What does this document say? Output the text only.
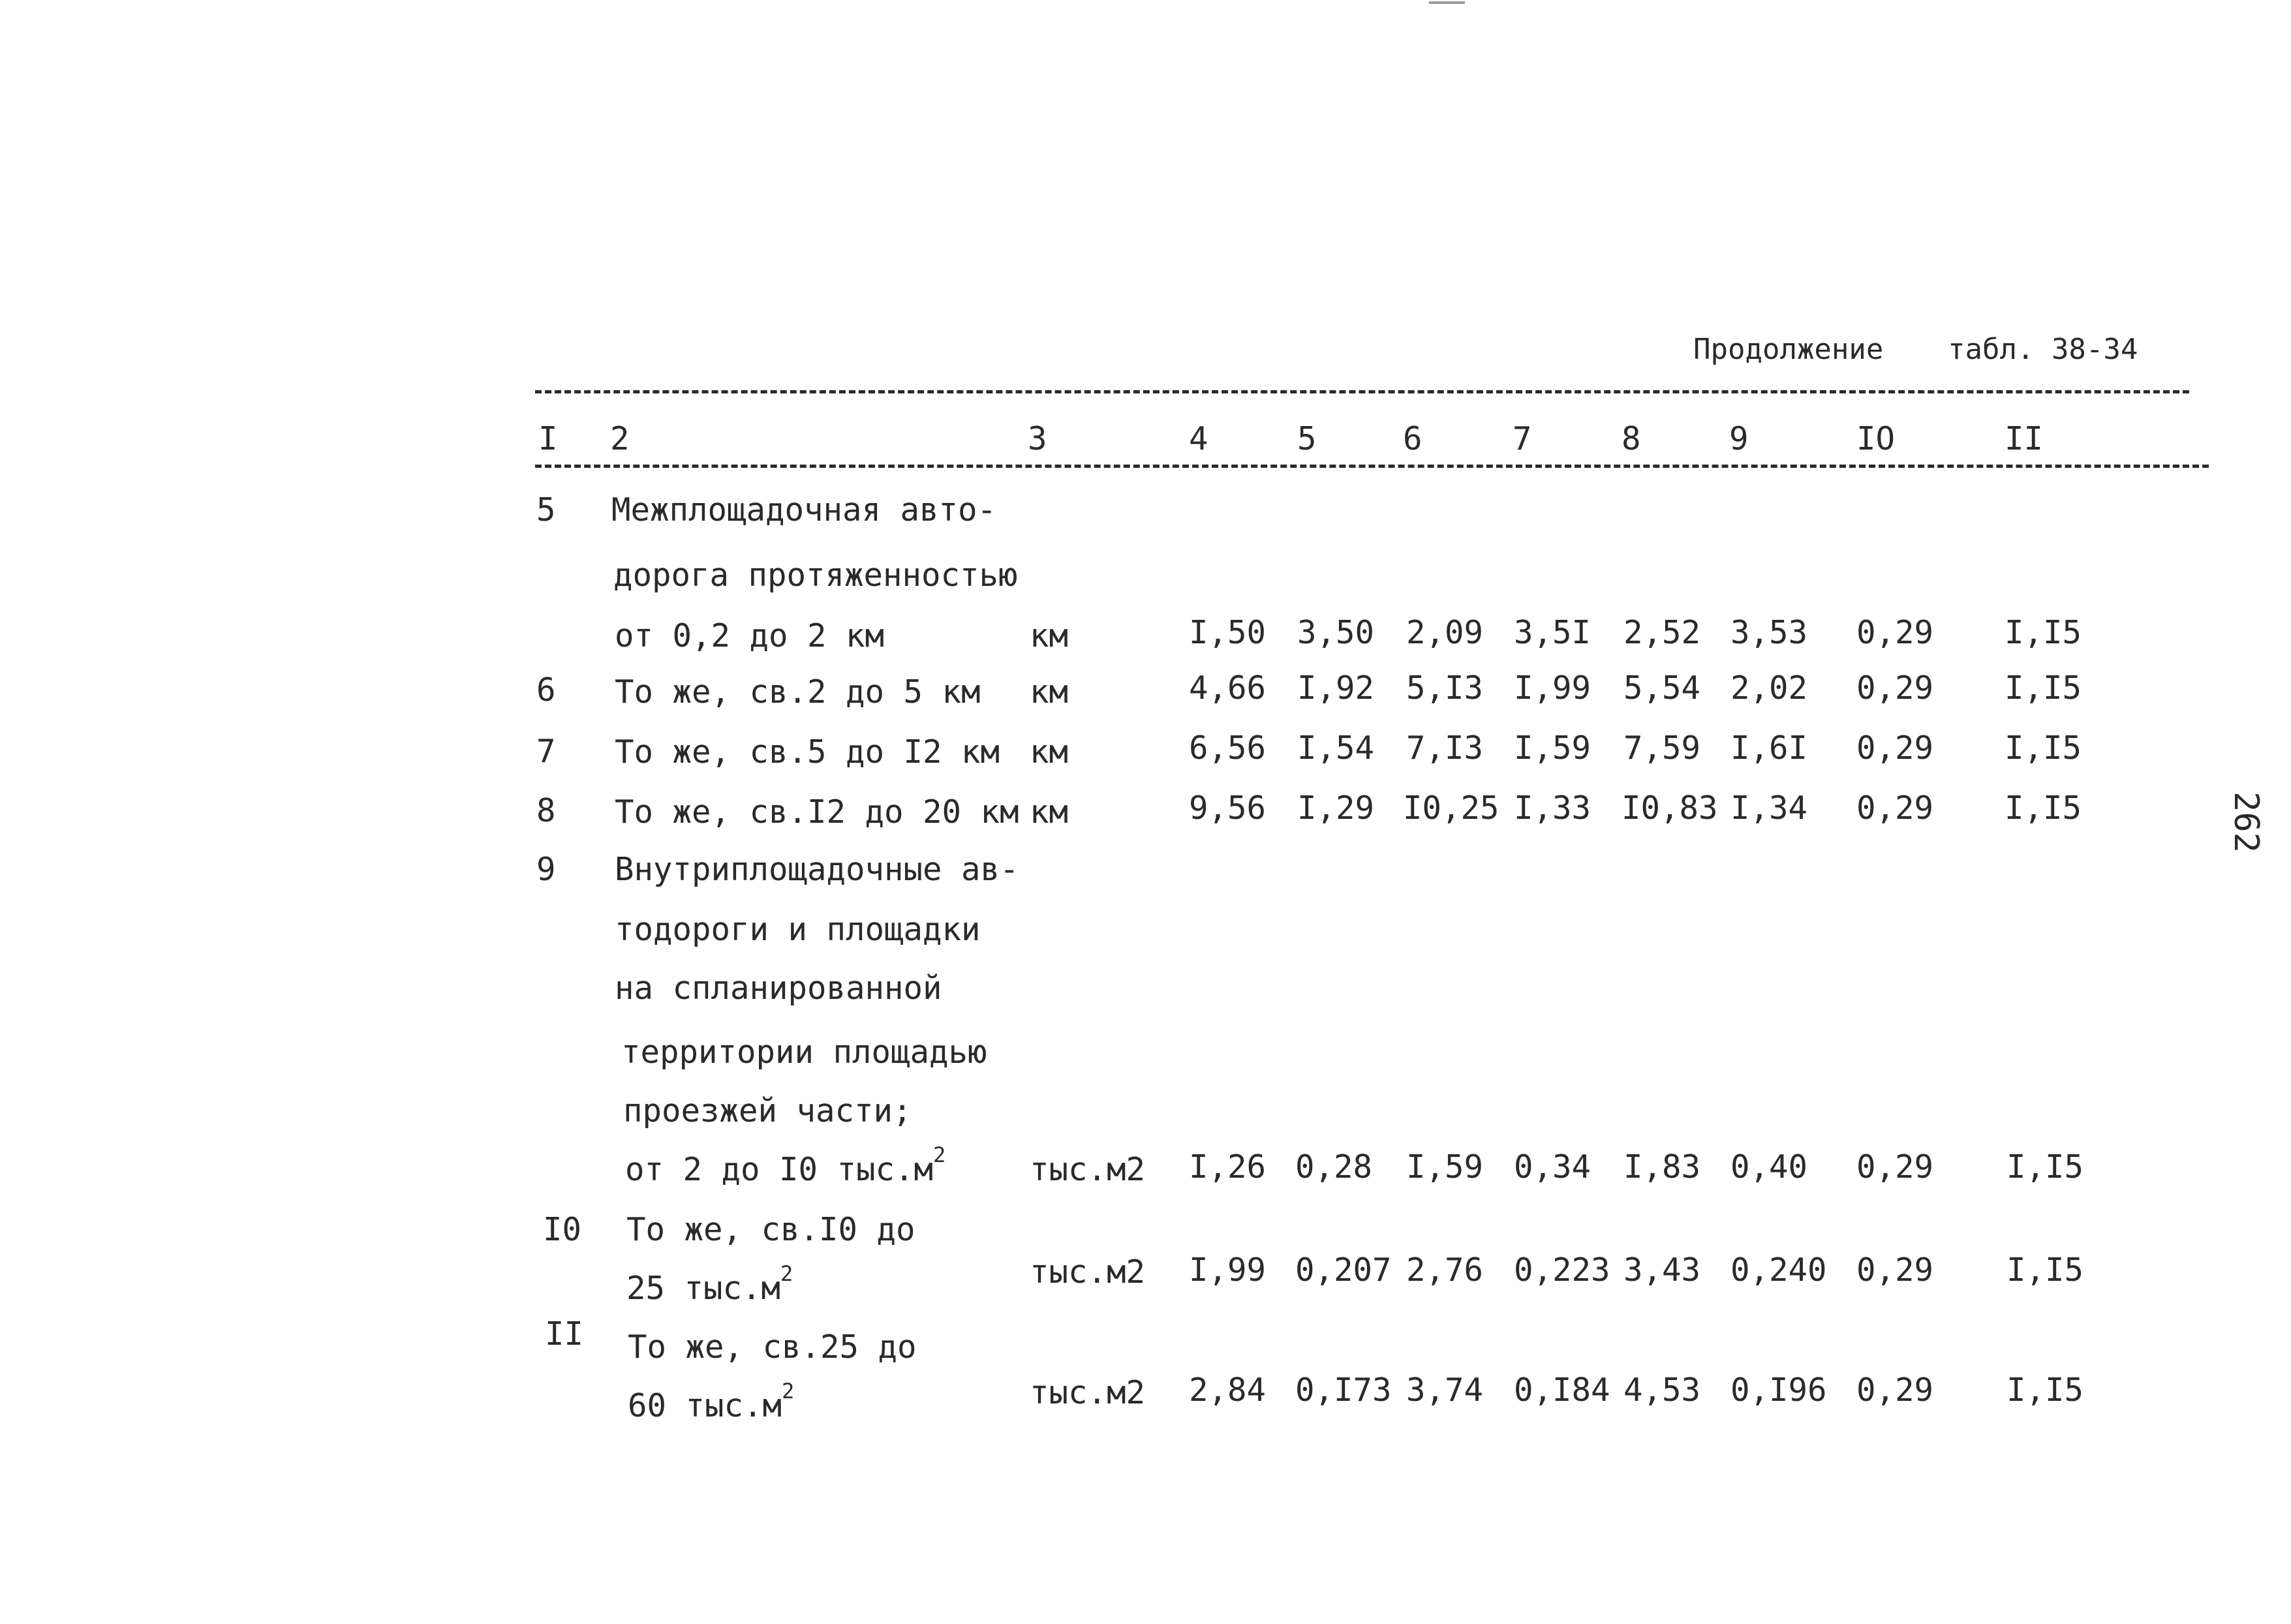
Продолжение табл. 38-34
I 2	3	4	5	6	7	8	9	IO	II
5 Межплощадочная авто-
дорога протяженностью
от 0,2 до 2 км	км	I,50 3,50 2,09 3,5I 2,52 3,53 0,29 I,I5
6 То же, св.2 до 5 км км	4,66 I,92 5,I3 I,99 5,54 2,02 0,29 I,I5
7 То же, св.5 до I2 км км	6,56 I,54 7,I3 I,59 7,59 I,6I 0,29 I,I5
8 То же, св.I2 до 20 км км	9,56 I,29 I0,25 I,33 I0,83 I,34 0,29 I,I5
9 Внутриплощадочные ав-
тодороги и площадки
на спланированной
территории площадью
проезжей части;
от 2 до I0 $тыс.м^2$	тыс.м2 I,26 0,28 I,59 0,34 I,83 0,40 0,29 I,I5
I0 То же, св.I0 до
25 $тыс.м^2$	тыс.м2 I,99 0,207 2,76 0,223 3,43 0,240 0,29 I,I5
II То же, св.25 до
60 $тыс.м^2$	тыс.м2 2,84 0,I73 3,74 0,I84 4,53 0,I96 0,29 I,I5
262
